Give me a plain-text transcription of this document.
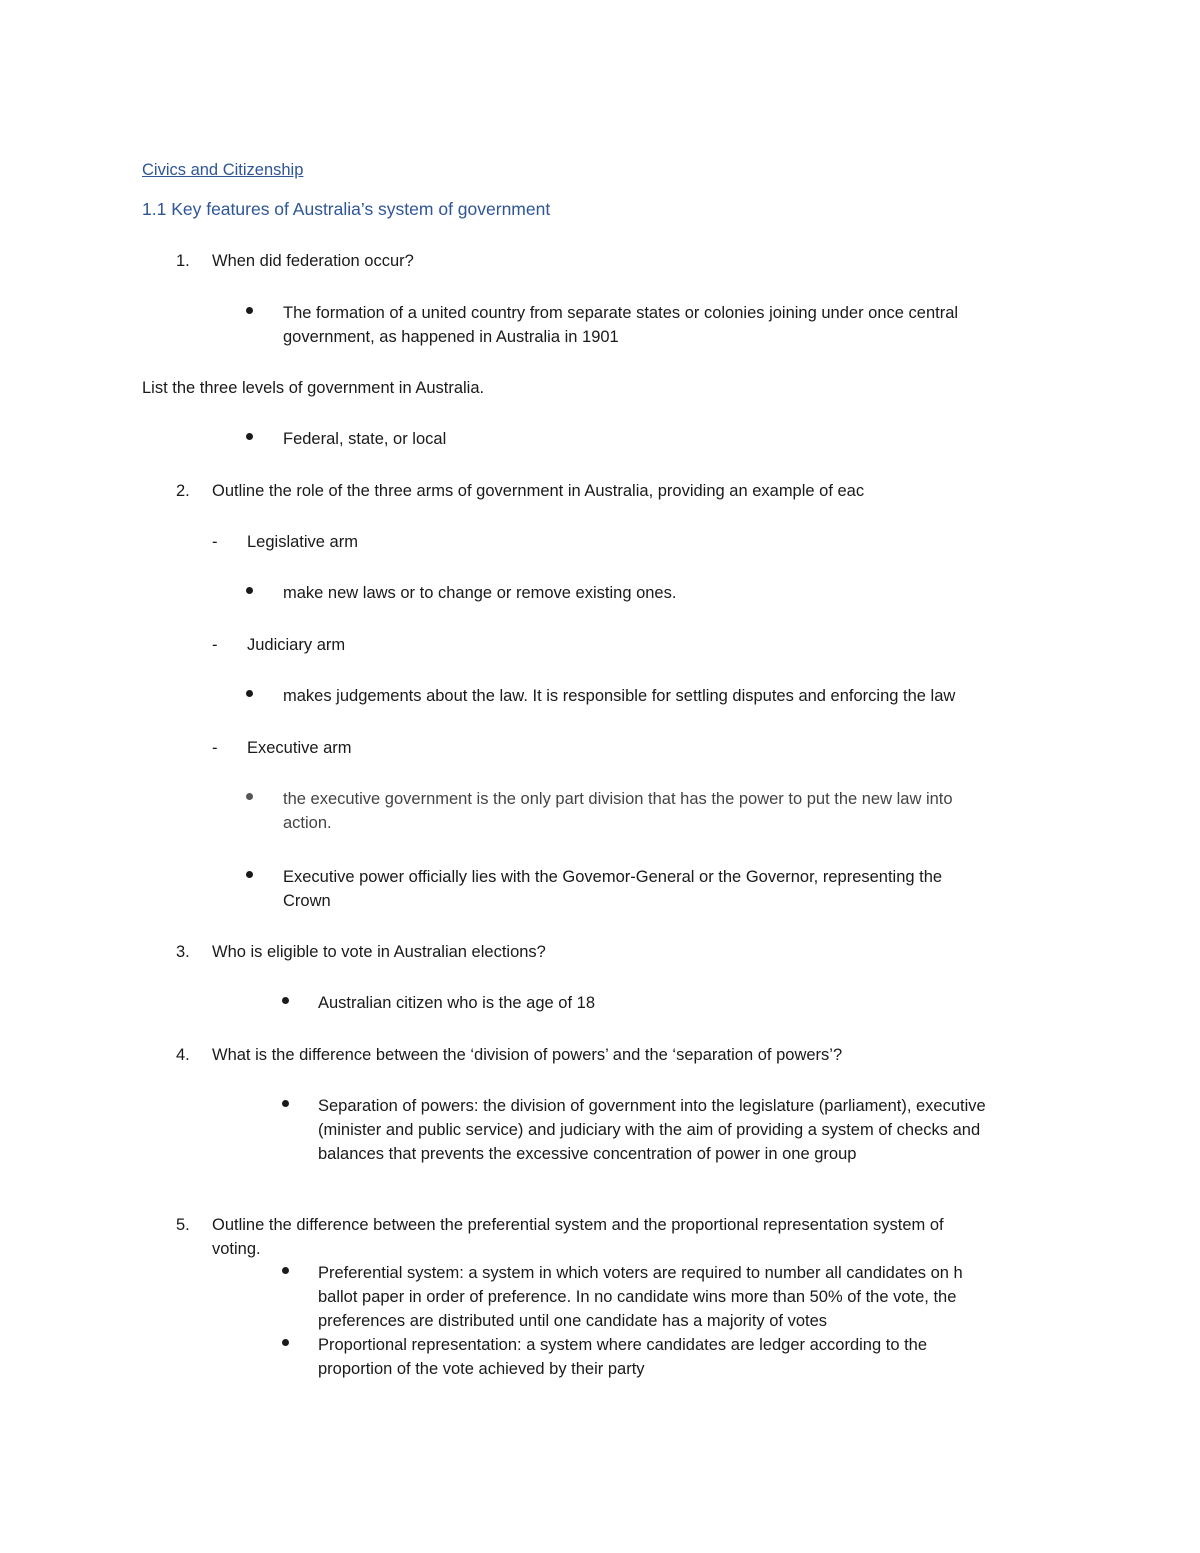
Civics and Citizenship
1.1 Key features of Australia’s system of government
1. When did federation occur?
The formation of a united country from separate states or colonies joining under once central
government, as happened in Australia in 1901
List the three levels of government in Australia.
Federal, state, or local
2. Outline the role of the three arms of government in Australia, providing an example of eac
- Legislative arm
make new laws or to change or remove existing ones.
- Judiciary arm
makes judgements about the law. It is responsible for settling disputes and enforcing the law
- Executive arm
the executive government is the only part division that has the power to put the new law into
action.
Executive power officially lies with the Govemor-General or the Governor, representing the
Crown
3. Who is eligible to vote in Australian elections?
Australian citizen who is the age of 18
4. What is the difference between the ‘division of powers’ and the ‘separation of powers’?
Separation of powers: the division of government into the legislature (parliament), executive
(minister and public service) and judiciary with the aim of providing a system of checks and
balances that prevents the excessive concentration of power in one group
5. Outline the difference between the preferential system and the proportional representation system of
voting.
Preferential system: a system in which voters are required to number all candidates on h
ballot paper in order of preference. In no candidate wins more than 50% of the vote, the
preferences are distributed until one candidate has a majority of votes
Proportional representation: a system where candidates are ledger according to the
proportion of the vote achieved by their party
